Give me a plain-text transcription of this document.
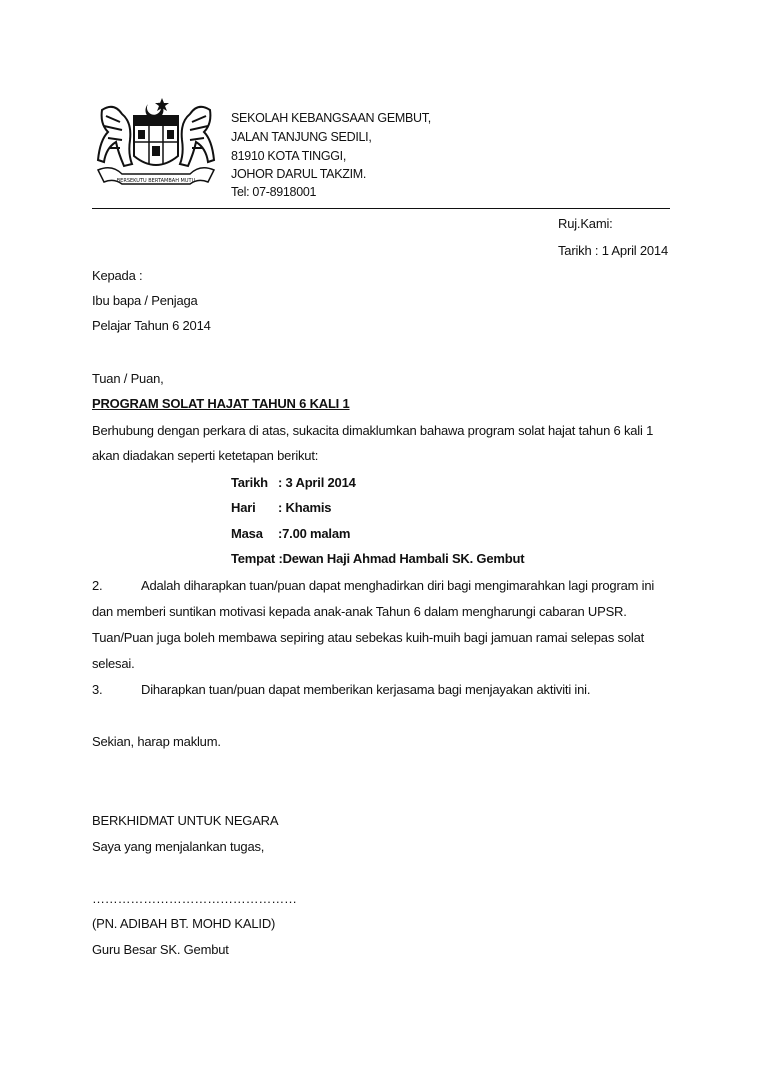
BERSEKUTU BERTAMBAH MUTU
SEKOLAH KEBANGSAAN GEMBUT,
JALAN TANJUNG SEDILI,
81910 KOTA TINGGI,
JOHOR DARUL TAKZIM.
Tel: 07-8918001
Ruj.Kami:
Tarikh : 1 April 2014
Kepada :
Ibu bapa / Penjaga
Pelajar Tahun 6 2014
Tuan / Puan,
PROGRAM SOLAT HAJAT TAHUN 6 KALI 1
Berhubung dengan perkara di atas, sukacita dimaklumkan bahawa program solat hajat tahun 6 kali 1
akan diadakan seperti ketetapan berikut:
Tarikh : 3 April 2014
Hari : Khamis
Masa :7.00 malam
Tempat :Dewan Haji Ahmad Hambali SK. Gembut
2.	Adalah diharapkan tuan/puan dapat menghadirkan diri bagi mengimarahkan lagi program ini
dan memberi suntikan motivasi kepada anak-anak Tahun 6 dalam mengharungi cabaran UPSR.
Tuan/Puan juga boleh membawa sepiring atau sebekas kuih-muih bagi jamuan ramai selepas solat
selesai.
3.	Diharapkan tuan/puan dapat memberikan kerjasama bagi menjayakan aktiviti ini.
Sekian, harap maklum.
BERKHIDMAT UNTUK NEGARA
Saya yang menjalankan tugas,
…………………………………………
(PN. ADIBAH BT. MOHD KALID)
Guru Besar SK. Gembut
